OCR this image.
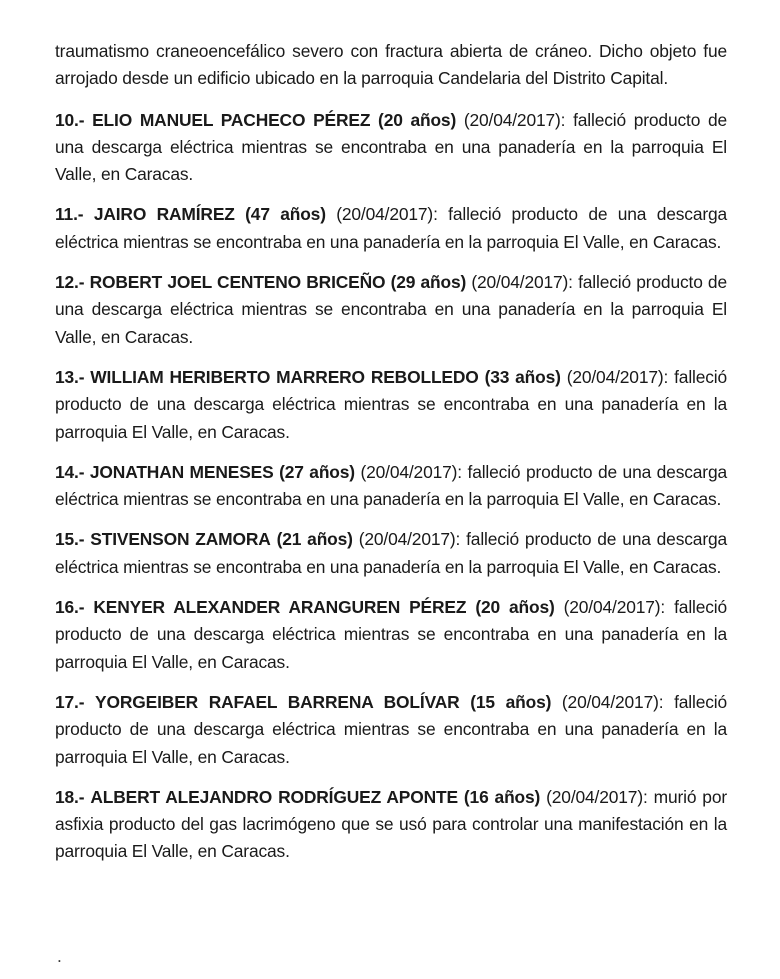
traumatismo craneoencefálico severo con fractura abierta de cráneo. Dicho objeto fue arrojado desde un edificio ubicado en la parroquia Candelaria del Distrito Capital.

10.- ELIO MANUEL PACHECO PÉREZ (20 años) (20/04/2017): falleció producto de una descarga eléctrica mientras se encontraba en una panadería en la parroquia El Valle, en Caracas.

11.- JAIRO RAMÍREZ (47 años) (20/04/2017): falleció producto de una descarga eléctrica mientras se encontraba en una panadería en la parroquia El Valle, en Caracas.

12.- ROBERT JOEL CENTENO BRICEÑO (29 años) (20/04/2017): falleció producto de una descarga eléctrica mientras se encontraba en una panadería en la parroquia El Valle, en Caracas.

13.- WILLIAM HERIBERTO MARRERO REBOLLEDO (33 años) (20/04/2017): falleció producto de una descarga eléctrica mientras se encontraba en una panadería en la parroquia El Valle, en Caracas.

14.- JONATHAN MENESES (27 años) (20/04/2017): falleció producto de una descarga eléctrica mientras se encontraba en una panadería en la parroquia El Valle, en Caracas.

15.- STIVENSON ZAMORA (21 años) (20/04/2017): falleció producto de una descarga eléctrica mientras se encontraba en una panadería en la parroquia El Valle, en Caracas.

16.- KENYER ALEXANDER ARANGUREN PÉREZ (20 años) (20/04/2017): falleció producto de una descarga eléctrica mientras se encontraba en una panadería en la parroquia El Valle, en Caracas.

17.- YORGEIBER RAFAEL BARRENA BOLÍVAR (15 años) (20/04/2017): falleció producto de una descarga eléctrica mientras se encontraba en una panadería en la parroquia El Valle, en Caracas.

18.- ALBERT ALEJANDRO RODRÍGUEZ APONTE (16 años) (20/04/2017): murió por asfixia producto del gas lacrimógeno que se usó para controlar una manifestación en la parroquia El Valle, en Caracas.

.
